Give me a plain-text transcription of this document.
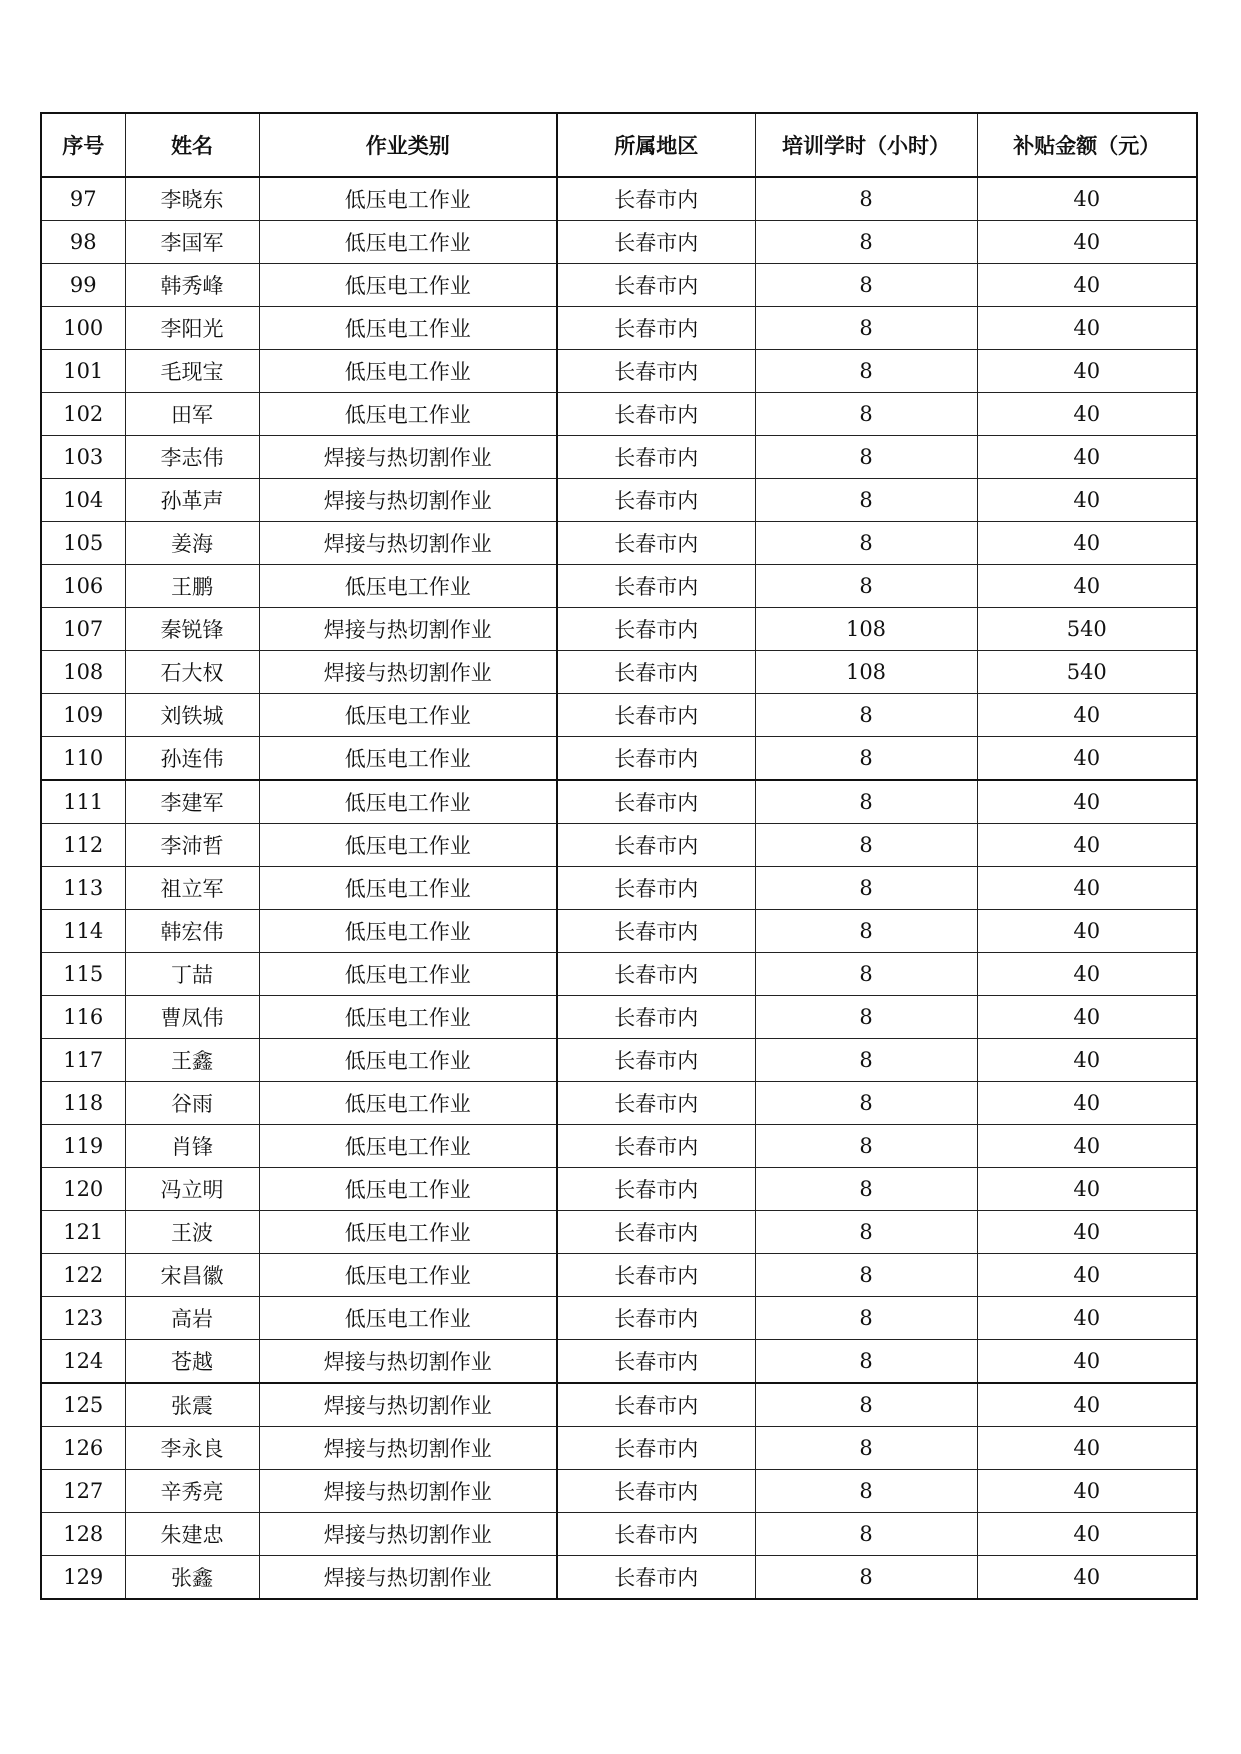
序号	姓名	作业类别	所属地区	培训学时（小时）	补贴金额（元）
97	李晓东	低压电工作业	长春市内	8	40
98	李国军	低压电工作业	长春市内	8	40
99	韩秀峰	低压电工作业	长春市内	8	40
100	李阳光	低压电工作业	长春市内	8	40
101	毛现宝	低压电工作业	长春市内	8	40
102	田军	低压电工作业	长春市内	8	40
103	李志伟	焊接与热切割作业	长春市内	8	40
104	孙革声	焊接与热切割作业	长春市内	8	40
105	姜海	焊接与热切割作业	长春市内	8	40
106	王鹏	低压电工作业	长春市内	8	40
107	秦锐锋	焊接与热切割作业	长春市内	108	540
108	石大权	焊接与热切割作业	长春市内	108	540
109	刘铁城	低压电工作业	长春市内	8	40
110	孙连伟	低压电工作业	长春市内	8	40
111	李建军	低压电工作业	长春市内	8	40
112	李沛哲	低压电工作业	长春市内	8	40
113	祖立军	低压电工作业	长春市内	8	40
114	韩宏伟	低压电工作业	长春市内	8	40
115	丁喆	低压电工作业	长春市内	8	40
116	曹凤伟	低压电工作业	长春市内	8	40
117	王鑫	低压电工作业	长春市内	8	40
118	谷雨	低压电工作业	长春市内	8	40
119	肖锋	低压电工作业	长春市内	8	40
120	冯立明	低压电工作业	长春市内	8	40
121	王波	低压电工作业	长春市内	8	40
122	宋昌徽	低压电工作业	长春市内	8	40
123	高岩	低压电工作业	长春市内	8	40
124	苍越	焊接与热切割作业	长春市内	8	40
125	张震	焊接与热切割作业	长春市内	8	40
126	李永良	焊接与热切割作业	长春市内	8	40
127	辛秀亮	焊接与热切割作业	长春市内	8	40
128	朱建忠	焊接与热切割作业	长春市内	8	40
129	张鑫	焊接与热切割作业	长春市内	8	40
